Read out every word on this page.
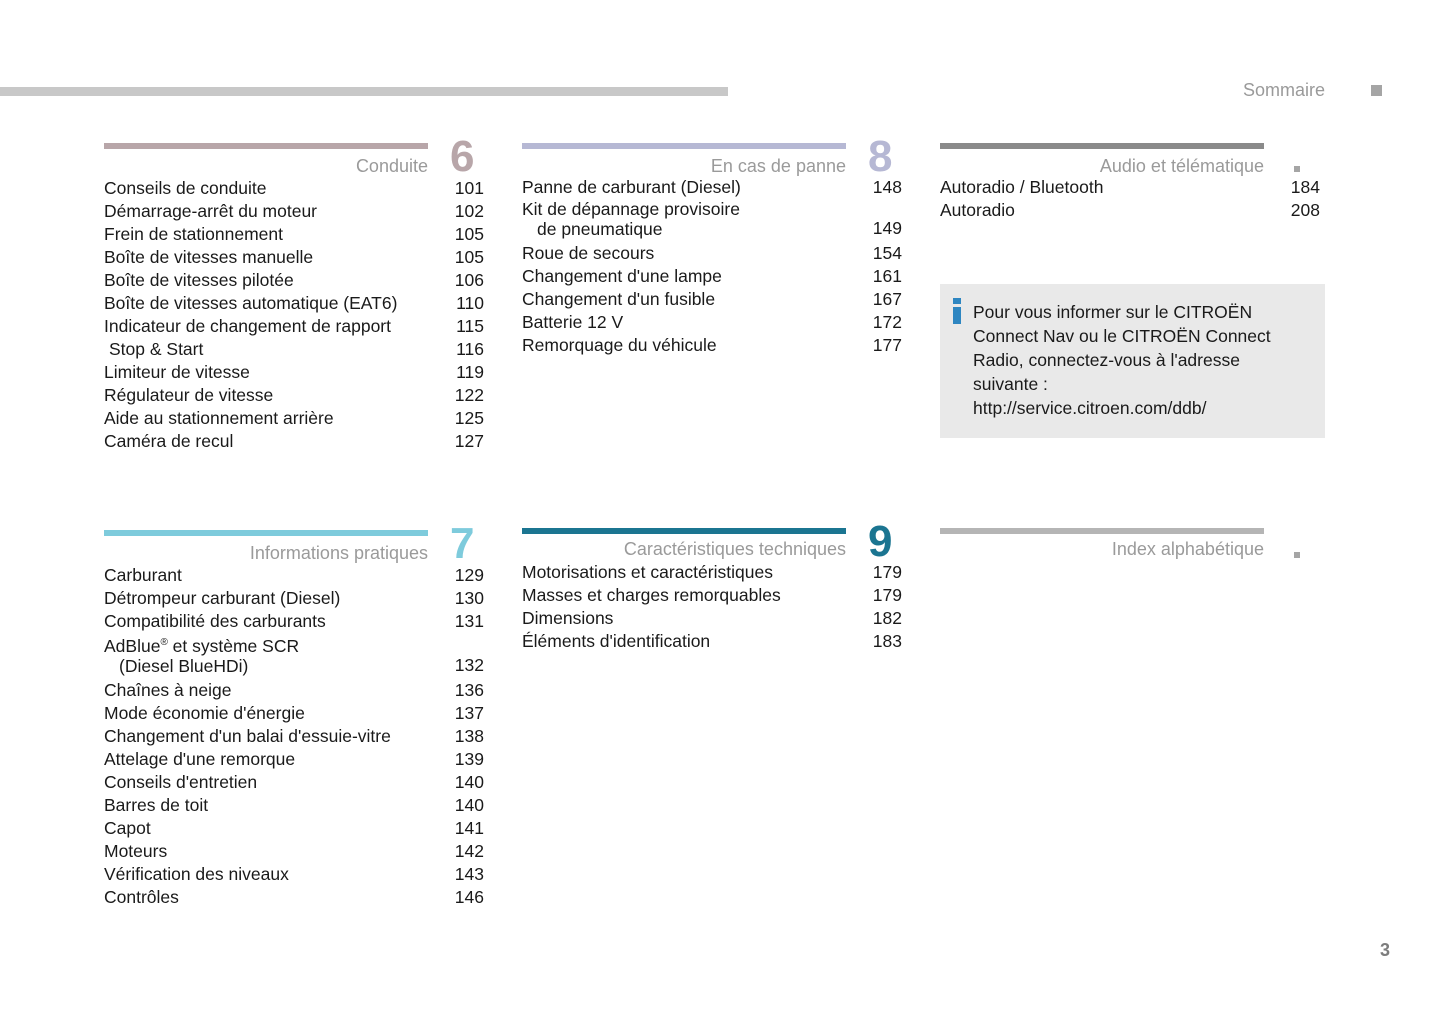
Sommaire
3
Conduite 6
Conseils de conduite	101
Démarrage-arrêt du moteur	102
Frein de stationnement	105
Boîte de vitesses manuelle	105
Boîte de vitesses pilotée	106
Boîte de vitesses automatique (EAT6)	110
Indicateur de changement de rapport	115
Stop & Start	116
Limiteur de vitesse	119
Régulateur de vitesse	122
Aide au stationnement arrière	125
Caméra de recul	127
En cas de panne 8
Panne de carburant (Diesel)	148
Kit de dépannage provisoire
de pneumatique	149
Roue de secours	154
Changement d'une lampe	161
Changement d'un fusible	167
Batterie 12 V	172
Remorquage du véhicule	177
Audio et télématique
Autoradio / Bluetooth	184
Autoradio	208
Pour vous informer sur le CITROËN
Connect Nav ou le CITROËN Connect
Radio, connectez-vous à l'adresse
suivante :
http://service.citroen.com/ddb/
Informations pratiques 7
Carburant	129
Détrompeur carburant (Diesel)	130
Compatibilité des carburants	131
AdBlue® et système SCR
(Diesel BlueHDi)	132
Chaînes à neige	136
Mode économie d'énergie	137
Changement d'un balai d'essuie-vitre	138
Attelage d'une remorque	139
Conseils d'entretien	140
Barres de toit	140
Capot	141
Moteurs	142
Vérification des niveaux	143
Contrôles	146
Caractéristiques techniques 9
Motorisations et caractéristiques	179
Masses et charges remorquables	179
Dimensions	182
Éléments d'identification	183
Index alphabétique
